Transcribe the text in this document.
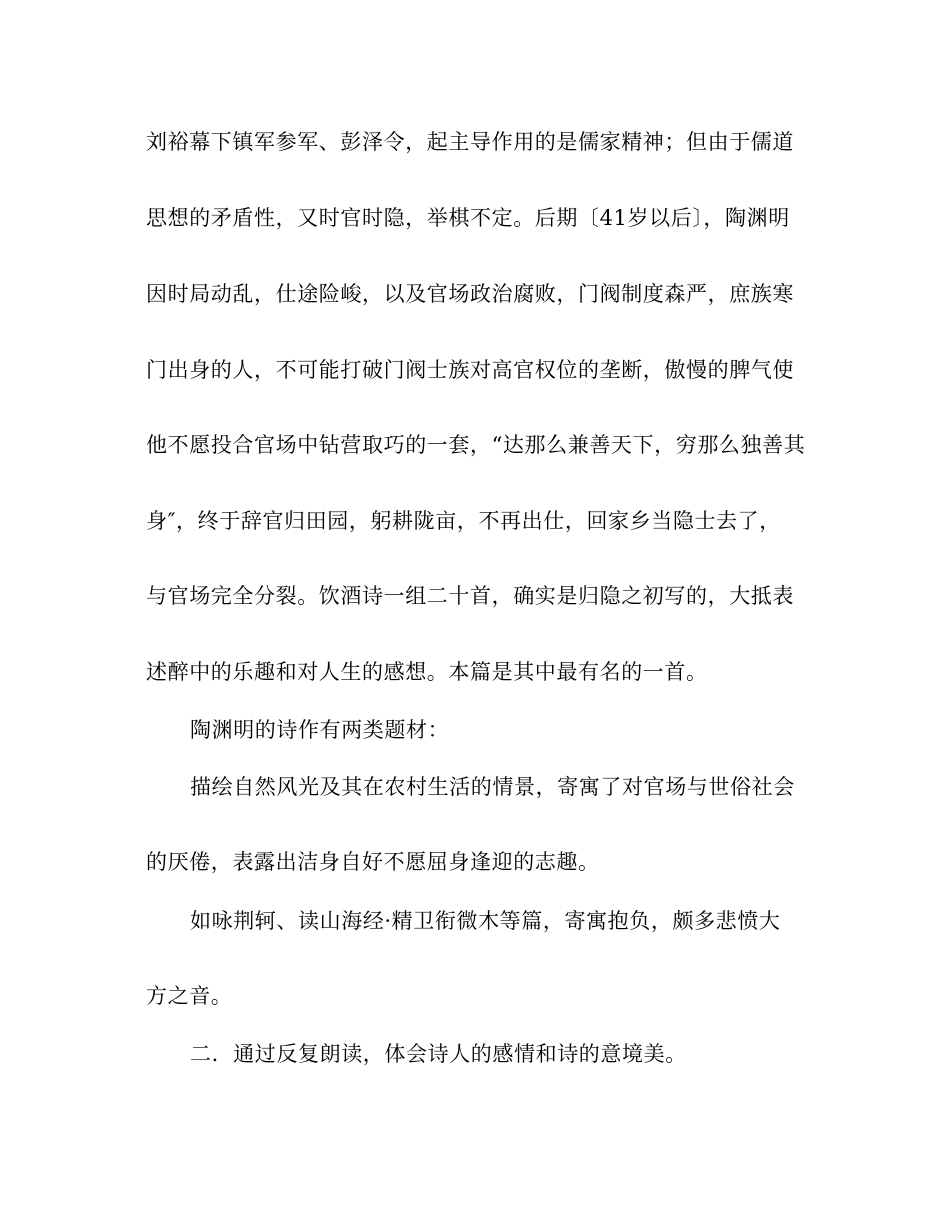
刘裕幕下镇军参军、彭泽令，起主导作用的是儒家精神；但由于儒道
思想的矛盾性，又时官时隐，举棋不定。后期〔41岁以后〕，陶渊明
因时局动乱，仕途险峻，以及官场政治腐败，门阀制度森严，庶族寒
门出身的人，不可能打破门阀士族对高官权位的垄断，傲慢的脾气使
他不愿投合官场中钻营取巧的一套，“达那么兼善天下，穷那么独善其
身″，终于辞官归田园，躬耕陇亩，不再出仕，回家乡当隐士去了，
与官场完全分裂。饮酒诗一组二十首，确实是归隐之初写的，大抵表
述醉中的乐趣和对人生的感想。本篇是其中最有名的一首。
陶渊明的诗作有两类题材：
描绘自然风光及其在农村生活的情景，寄寓了对官场与世俗社会
的厌倦，表露出洁身自好不愿屈身逢迎的志趣。
如咏荆轲、读山海经·精卫衔微木等篇，寄寓抱负，颇多悲愤大
方之音。
二．通过反复朗读，体会诗人的感情和诗的意境美。
